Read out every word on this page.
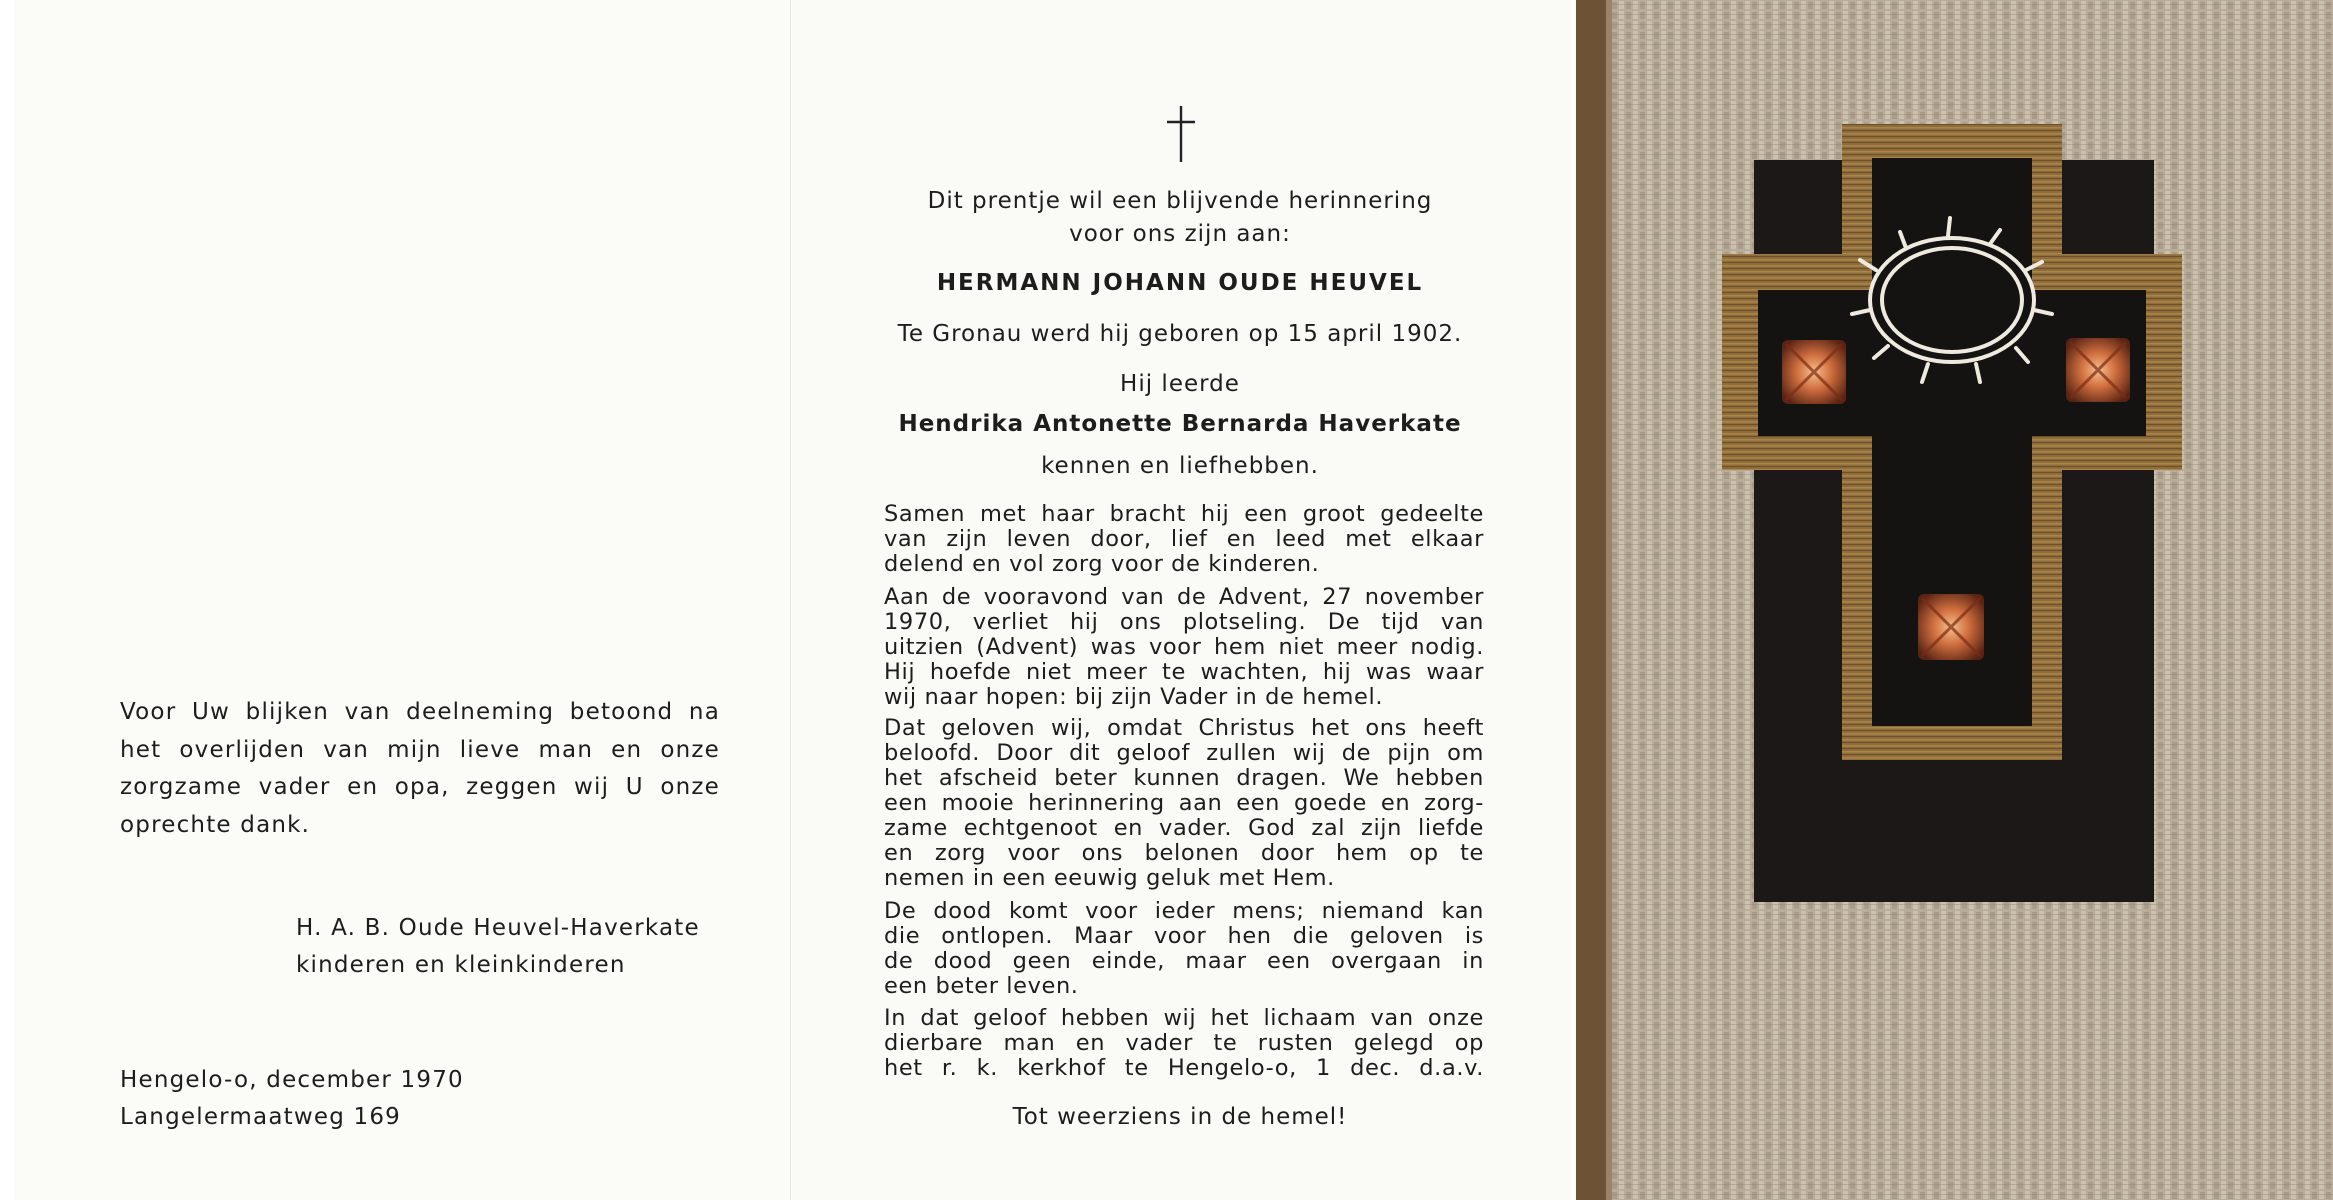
Voor Uw blijken van deelneming betoond na
het overlijden van mijn lieve man en onze
zorgzame vader en opa, zeggen wij U onze
oprechte dank.
H. A. B. Oude Heuvel-Haverkate
kinderen en kleinkinderen
Hengelo-o, december 1970
Langelermaatweg 169
Dit prentje wil een blijvende herinnering
voor ons zijn aan:
HERMANN JOHANN OUDE HEUVEL
Te Gronau werd hij geboren op 15 april 1902.
Hij leerde
Hendrika Antonette Bernarda Haverkate
kennen en liefhebben.
Samen met haar bracht hij een groot gedeelte
van zijn leven door, lief en leed met elkaar
delend en vol zorg voor de kinderen.
Aan de vooravond van de Advent, 27 november
1970, verliet hij ons plotseling. De tijd van
uitzien (Advent) was voor hem niet meer nodig.
Hij hoefde niet meer te wachten, hij was waar
wij naar hopen: bij zijn Vader in de hemel.
Dat geloven wij, omdat Christus het ons heeft
beloofd. Door dit geloof zullen wij de pijn om
het afscheid beter kunnen dragen. We hebben
een mooie herinnering aan een goede en zorg-
zame echtgenoot en vader. God zal zijn liefde
en zorg voor ons belonen door hem op te
nemen in een eeuwig geluk met Hem.
De dood komt voor ieder mens; niemand kan
die ontlopen. Maar voor hen die geloven is
de dood geen einde, maar een overgaan in
een beter leven.
In dat geloof hebben wij het lichaam van onze
dierbare man en vader te rusten gelegd op
het r. k. kerkhof te Hengelo-o, 1 dec. d.a.v.
Tot weerziens in de hemel!
